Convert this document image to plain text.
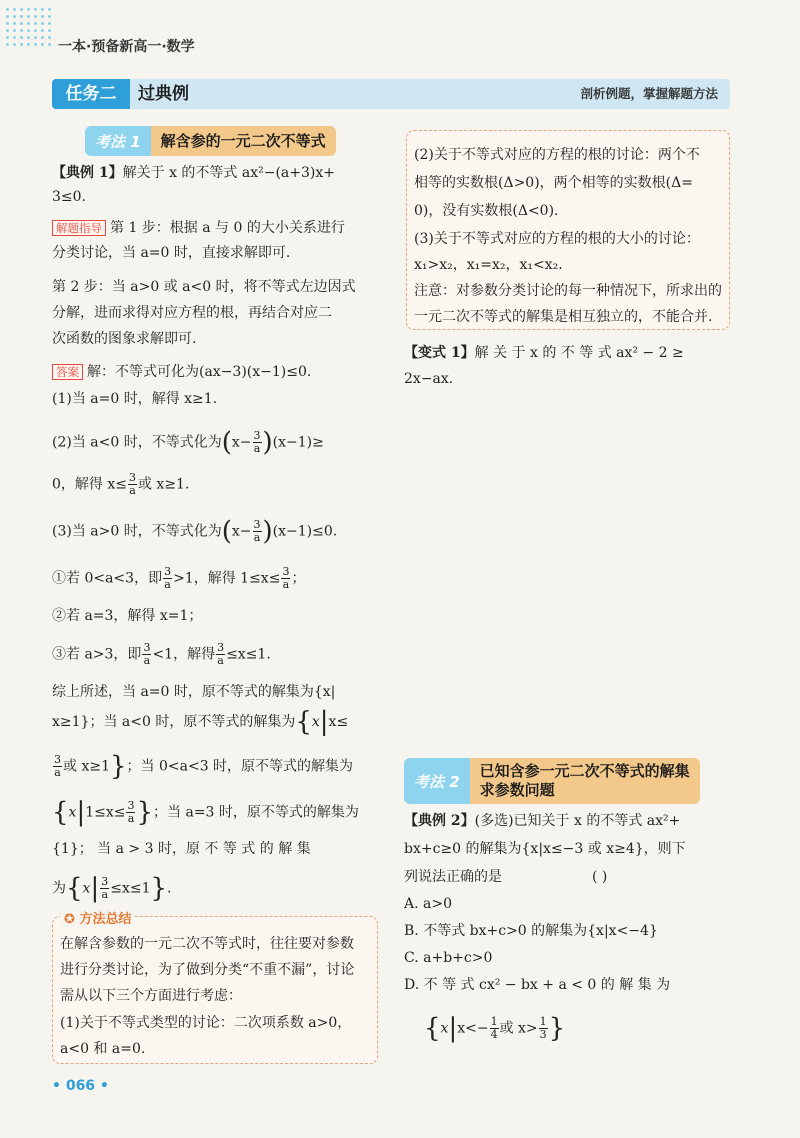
一本·预备新高一·数学
任务二	过典例	剖析例题，掌握解题方法
考法 1	解含参的一元二次不等式
【典例 1】解关于 x 的不等式 ax²−(a+3)x+
3≤0.
解题指导 第 1 步：根据 a 与 0 的大小关系进行
分类讨论，当 a=0 时，直接求解即可.
第 2 步：当 a>0 或 a<0 时，将不等式左边因式
分解，进而求得对应方程的根，再结合对应二
次函数的图象求解即可.
答案 解：不等式可化为(ax−3)(x−1)≤0.
(1)当 a=0 时，解得 x≥1.
(2)当 a<0 时，不等式化为$(x- \frac{3}{a} )(x-1)\ge$
0，解得 $x\le \frac{3}{a}$ 或 x≥1.
(3)当 a>0 时，不等式化为$(x- \frac{3}{a} )(x-1)\le 0$.
①若 0<a<3，即 $\frac{3}{a} >1$，解得 $1\le x\le \frac{3}{a}$ ；
②若 a=3，解得 x=1；
③若 a>3，即 $\frac{3}{a} <1$，解得 $\frac{3}{a} \le x\le 1$.
综上所述，当 a=0 时，原不等式的解集为{x|
x≥1}；当 a<0 时，原不等式的解集为{x|x≤
$\frac{3}{a}$ 或 x≥1}；当 0<a<3 时，原不等式的解集为
{$x|1\le x\le \frac{3}{a}$ }；当 a=3 时，原不等式的解集为
{1}； 当 a > 3 时，原 不 等 式 的 解 集
为$\{x| \frac{3}{a} \le x\le 1\}$.
✪ 方法总结
在解含参数的一元二次不等式时，往往要对参数
进行分类讨论，为了做到分类“不重不漏”，讨论
需从以下三个方面进行考虑：
(1)关于不等式类型的讨论：二次项系数 a>0，
a<0 和 a=0.
(2)关于不等式对应的方程的根的讨论：两个不
相等的实数根(Δ>0)，两个相等的实数根(Δ=
0)，没有实数根(Δ<0).
(3)关于不等式对应的方程的根的大小的讨论：
x₁>x₂，x₁=x₂，x₁<x₂.
注意：对参数分类讨论的每一种情况下，所求出的
一元二次不等式的解集是相互独立的，不能合并.
【变式 1】解 关 于 x 的 不 等 式 ax² − 2 ≥
2x−ax.
考法 2
已知含参一元二次不等式的解集
求参数问题
【典例 2】(多选)已知关于 x 的不等式 ax²+
bx+c≥0 的解集为{x|x≤−3 或 x≥4}，则下
列说法正确的是	( )
A. a>0
B. 不等式 bx+c>0 的解集为{x|x<−4}
C. a+b+c>0
D. 不 等 式 cx² − bx + a < 0 的 解 集 为
{$x|x<- \frac{1}{4}$ 或 $x> \frac{1}{3}$ }
• 066 •
